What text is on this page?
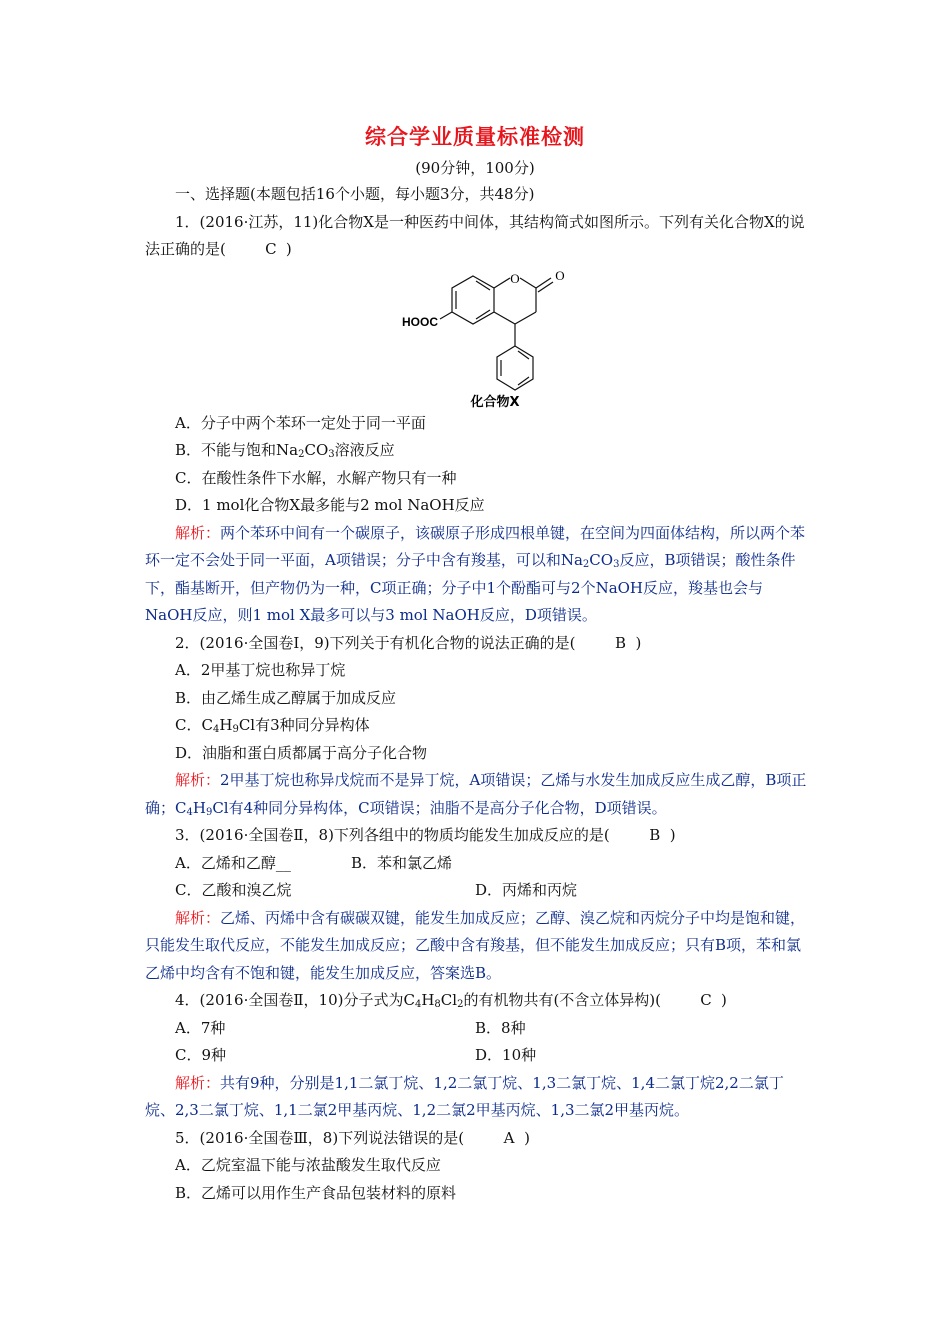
综合学业质量标准检测
(90分钟，100分)

一、选择题(本题包括16个小题，每小题3分，共48分)

1．(2016·江苏，11)化合物X是一种医药中间体，其结构简式如图所示。下列有关化合物X的说法正确的是(	C )

O	O
HOOC
化合物X

A．分子中两个苯环一定处于同一平面

B．不能与饱和$Na_2CO_3$溶液反应

C．在酸性条件下水解，水解产物只有一种

D．1 mol化合物X最多能与2 mol NaOH反应

解析：两个苯环中间有一个碳原子，该碳原子形成四根单键，在空间为四面体结构，所以两个苯环一定不会处于同一平面，A项错误；分子中含有羧基，可以和$Na_2CO_3$反应，B项错误；酸性条件下，酯基断开，但产物仍为一种，C项正确；分子中1个酚酯可与2个NaOH反应，羧基也会与NaOH反应，则1 mol X最多可以与3 mol NaOH反应，D项错误。

2．(2016·全国卷Ⅰ，9)下列关于有机化合物的说法正确的是(	B )

A．2甲基丁烷也称异丁烷

B．由乙烯生成乙醇属于加成反应

C．$C_4H_9Cl$有3种同分异构体

D．油脂和蛋白质都属于高分子化合物

解析：2甲基丁烷也称异戊烷而不是异丁烷，A项错误；乙烯与水发生加成反应生成乙醇，B项正确；$C_4H_9Cl$有4种同分异构体，C项错误；油脂不是高分子化合物，D项错误。

3．(2016·全国卷Ⅱ，8)下列各组中的物质均能发生加成反应的是(	B )

A．乙烯和乙醇__	B．苯和氯乙烯
C．乙酸和溴乙烷	D．丙烯和丙烷

解析：乙烯、丙烯中含有碳碳双键，能发生加成反应；乙醇、溴乙烷和丙烷分子中均是饱和键，只能发生取代反应，不能发生加成反应；乙酸中含有羧基，但不能发生加成反应；只有B项，苯和氯乙烯中均含有不饱和键，能发生加成反应，答案选B。

4．(2016·全国卷Ⅱ，10)分子式为$C_4H_8Cl_2$的有机物共有(不含立体异构)(	C )

A．7种	B．8种
C．9种	D．10种

解析：共有9种，分别是1,1二氯丁烷、1,2二氯丁烷、1,3二氯丁烷、1,4二氯丁烷2,2二氯丁烷、2,3二氯丁烷、1,1二氯2甲基丙烷、1,2二氯2甲基丙烷、1,3二氯2甲基丙烷。

5．(2016·全国卷Ⅲ，8)下列说法错误的是(	A )

A．乙烷室温下能与浓盐酸发生取代反应

B．乙烯可以用作生产食品包装材料的原料
